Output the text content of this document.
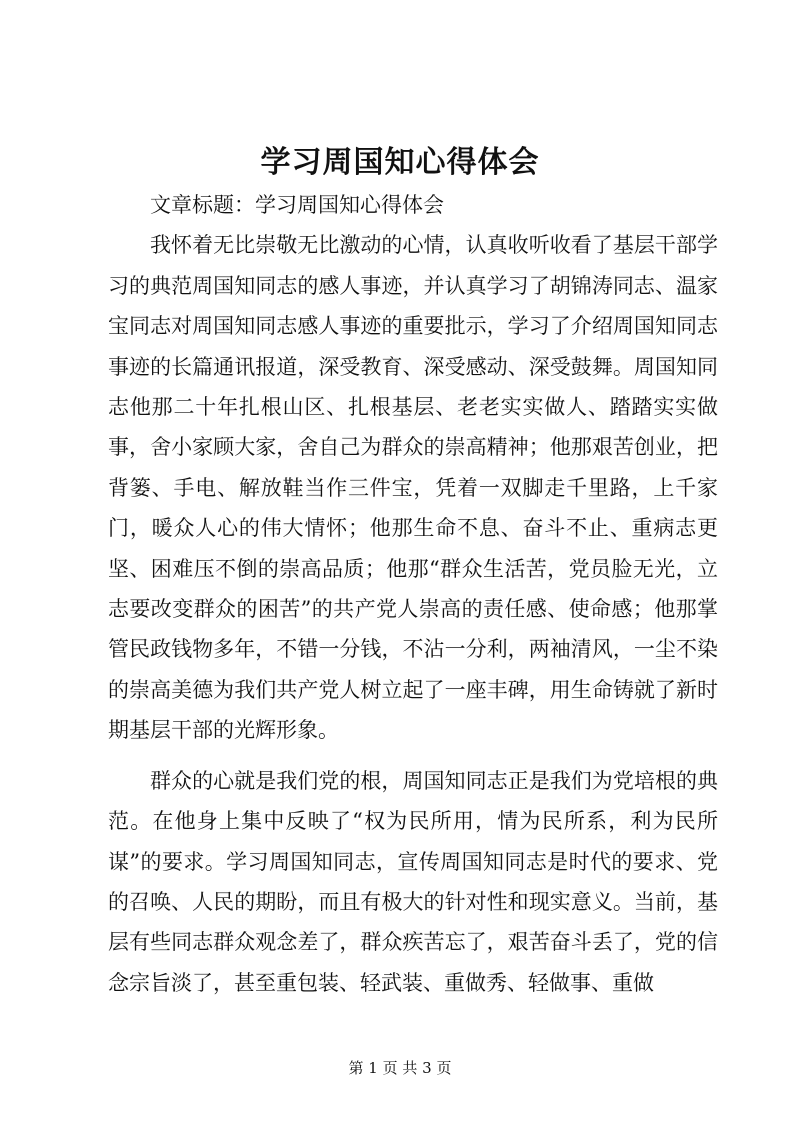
学习周国知心得体会

文章标题：学习周国知心得体会

我怀着无比崇敬无比激动的心情，认真收听收看了基层干部学习的典范周国知同志的感人事迹，并认真学习了胡锦涛同志、温家宝同志对周国知同志感人事迹的重要批示，学习了介绍周国知同志事迹的长篇通讯报道，深受教育、深受感动、深受鼓舞。周国知同志他那二十年扎根山区、扎根基层、老老实实做人、踏踏实实做事，舍小家顾大家，舍自己为群众的崇高精神；他那艰苦创业，把背篓、手电、解放鞋当作三件宝，凭着一双脚走千里路，上千家门，暖众人心的伟大情怀；他那生命不息、奋斗不止、重病志更坚、困难压不倒的崇高品质；他那“群众生活苦，党员脸无光，立志要改变群众的困苦”的共产党人崇高的责任感、使命感；他那掌管民政钱物多年，不错一分钱，不沾一分利，两袖清风，一尘不染的崇高美德为我们共产党人树立起了一座丰碑，用生命铸就了新时期基层干部的光辉形象。

群众的心就是我们党的根，周国知同志正是我们为党培根的典范。在他身上集中反映了“权为民所用，情为民所系，利为民所谋”的要求。学习周国知同志，宣传周国知同志是时代的要求、党的召唤、人民的期盼，而且有极大的针对性和现实意义。当前，基层有些同志群众观念差了，群众疾苦忘了，艰苦奋斗丢了，党的信念宗旨淡了，甚至重包装、轻武装、重做秀、轻做事、重做

第 1 页 共 3 页
